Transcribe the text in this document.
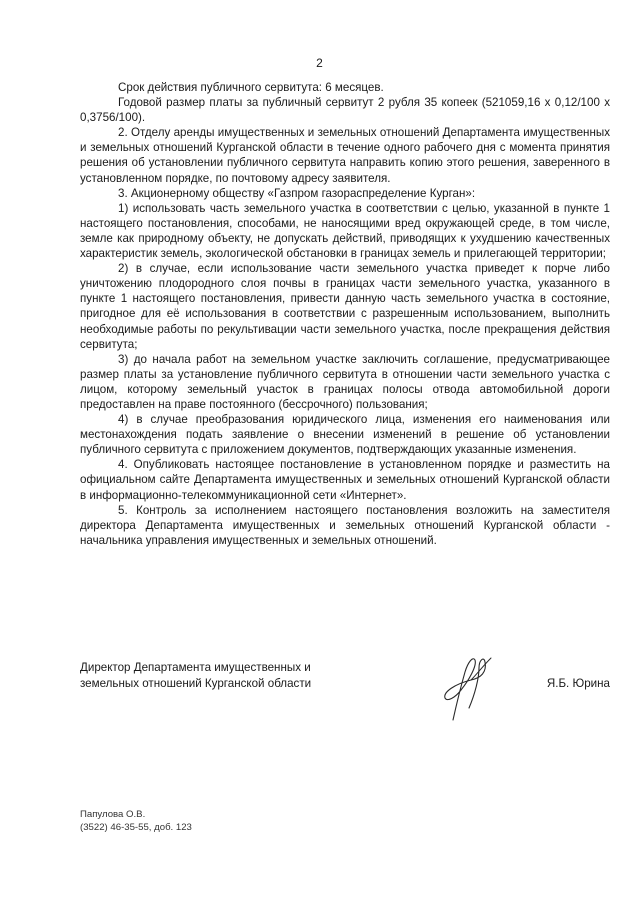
2

Срок действия публичного сервитута: 6 месяцев.

Годовой размер платы за публичный сервитут 2 рубля 35 копеек (521059,16 х 0,12/100 х 0,3756/100).

2. Отделу аренды имущественных и земельных отношений Департамента имущественных и земельных отношений Курганской области в течение одного рабочего дня с момента принятия решения об установлении публичного сервитута направить копию этого решения, заверенного в установленном порядке, по почтовому адресу заявителя.

3. Акционерному обществу «Газпром газораспределение Курган»:

1) использовать часть земельного участка в соответствии с целью, указанной в пункте 1 настоящего постановления, способами, не наносящими вред окружающей среде, в том числе, земле как природному объекту, не допускать действий, приводящих к ухудшению качественных характеристик земель, экологической обстановки в границах земель и прилегающей территории;

2) в случае, если использование части земельного участка приведет к порче либо уничтожению плодородного слоя почвы в границах части земельного участка, указанного в пункте 1 настоящего постановления, привести данную часть земельного участка в состояние, пригодное для её использования в соответствии с разрешенным использованием, выполнить необходимые работы по рекультивации части земельного участка, после прекращения действия сервитута;

3) до начала работ на земельном участке заключить соглашение, предусматривающее размер платы за установление публичного сервитута в отношении части земельного участка с лицом, которому земельный участок в границах полосы отвода автомобильной дороги предоставлен на праве постоянного (бессрочного) пользования;

4) в случае преобразования юридического лица, изменения его наименования или местонахождения подать заявление о внесении изменений в решение об установлении публичного сервитута с приложением документов, подтверждающих указанные изменения.

4. Опубликовать настоящее постановление в установленном порядке и разместить на официальном сайте Департамента имущественных и земельных отношений Курганской области в информационно-телекоммуникационной сети «Интернет».

5. Контроль за исполнением настоящего постановления возложить на заместителя директора Департамента имущественных и земельных отношений Курганской области - начальника управления имущественных и земельных отношений.

Директор Департамента имущественных и
земельных отношений Курганской области	Я.Б. Юрина
Папулова О.В.
(3522) 46-35-55, доб. 123
